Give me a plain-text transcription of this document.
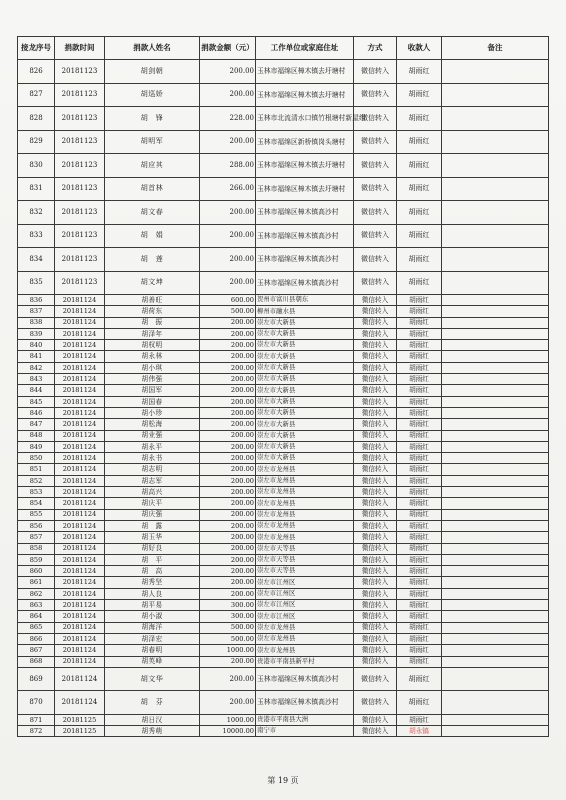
接龙序号	捐款时间	捐款人姓名	捐款金额（元）	工作单位或家庭住址	方式	收款人	备注
826	20181123	胡剑朝	200.00	玉林市福绵区樟木镇去圩塘村	微信转入	胡雨红	
827	20181123	胡巡娇	200.00	玉林市福绵区樟木镇去圩塘村	微信转入	胡雨红	
828	20181123	胡　锋	228.00	玉林市北流清水口镇竹根塘村新屋组	微信转入	胡雨红	
829	20181123	胡明军	200.00	玉林市福绵区新桥镇岗头塘村	微信转入	胡雨红	
830	20181123	胡应其	288.00	玉林市福绵区樟木镇去圩塘村	微信转入	胡雨红	
831	20181123	胡首林	266.00	玉林市福绵区樟木镇去圩塘村	微信转入	胡雨红	
832	20181123	胡文春	200.00	玉林市福绵区樟木镇高沙村	微信转入	胡雨红	
833	20181123	胡　娟	200.00	玉林市福绵区樟木镇高沙村	微信转入	胡雨红	
834	20181123	胡　莲	200.00	玉林市福绵区樟木镇高沙村	微信转入	胡雨红	
835	20181123	胡文坤	200.00	玉林市福绵区樟木镇高沙村	微信转入	胡雨红	
836	20181124	胡善旺	600.00	贺州市富川县朝东	微信转入	胡雨红	
837	20181124	胡荷东	500.00	柳州市融水县	微信转入	胡雨红	
838	20181124	胡　振	200.00	崇左市大新县	微信转入	胡雨红	
839	20181124	胡泽年	200.00	崇左市大新县	微信转入	胡雨红	
840	20181124	胡权明	200.00	崇左市大新县	微信转入	胡雨红	
841	20181124	胡永林	200.00	崇左市大新县	微信转入	胡雨红	
842	20181124	胡小琪	200.00	崇左市大新县	微信转入	胡雨红	
843	20181124	胡伟强	200.00	崇左市大新县	微信转入	胡雨红	
844	20181124	胡国军	200.00	崇左市大新县	微信转入	胡雨红	
845	20181124	胡国春	200.00	崇左市大新县	微信转入	胡雨红	
846	20181124	胡小珍	200.00	崇左市大新县	微信转入	胡雨红	
847	20181124	胡松海	200.00	崇左市大新县	微信转入	胡雨红	
848	20181124	胡业强	200.00	崇左市大新县	微信转入	胡雨红	
849	20181124	胡永平	200.00	崇左市大新县	微信转入	胡雨红	
850	20181124	胡永书	200.00	崇左市大新县	微信转入	胡雨红	
851	20181124	胡志明	200.00	崇左市龙州县	微信转入	胡雨红	
852	20181124	胡志军	200.00	崇左市龙州县	微信转入	胡雨红	
853	20181124	胡高兴	200.00	崇左市龙州县	微信转入	胡雨红	
854	20181124	胡庆平	200.00	崇左市龙州县	微信转入	胡雨红	
855	20181124	胡庆强	200.00	崇左市龙州县	微信转入	胡雨红	
856	20181124	胡　露	200.00	崇左市龙州县	微信转入	胡雨红	
857	20181124	胡玉华	200.00	崇左市龙州县	微信转入	胡雨红	
858	20181124	胡好良	200.00	崇左市天等县	微信转入	胡雨红	
859	20181124	胡　平	200.00	崇左市天等县	微信转入	胡雨红	
860	20181124	胡　高	200.00	崇左市天等县	微信转入	胡雨红	
861	20181124	胡秀坚	200.00	崇左市江州区	微信转入	胡雨红	
862	20181124	胡人良	200.00	崇左市江州区	微信转入	胡雨红	
863	20181124	胡平易	300.00	崇左市江州区	微信转入	胡雨红	
864	20181124	胡小淑	300.00	崇左市江州区	微信转入	胡雨红	
865	20181124	胡海洋	500.00	崇左市龙州县	微信转入	胡雨红	
866	20181124	胡泽宏	500.00	崇左市龙州县	微信转入	胡雨红	
867	20181124	胡春明	1000.00	崇左市龙州县	微信转入	胡雨红	
868	20181124	胡英峰	200.00	贵港市平南县新平村	微信转入	胡雨红	
869	20181124	胡文华	200.00	玉林市福绵区樟木镇高沙村	微信转入	胡雨红	
870	20181124	胡　芬	200.00	玉林市福绵区樟木镇高沙村	微信转入	胡雨红	
871	20181125	胡日汉	1000.00	贵港市平南县大洲	微信转入	胡雨红	
872	20181125	胡秀萌	10000.00	南宁市	微信转入	胡永镐	
第 19 页
